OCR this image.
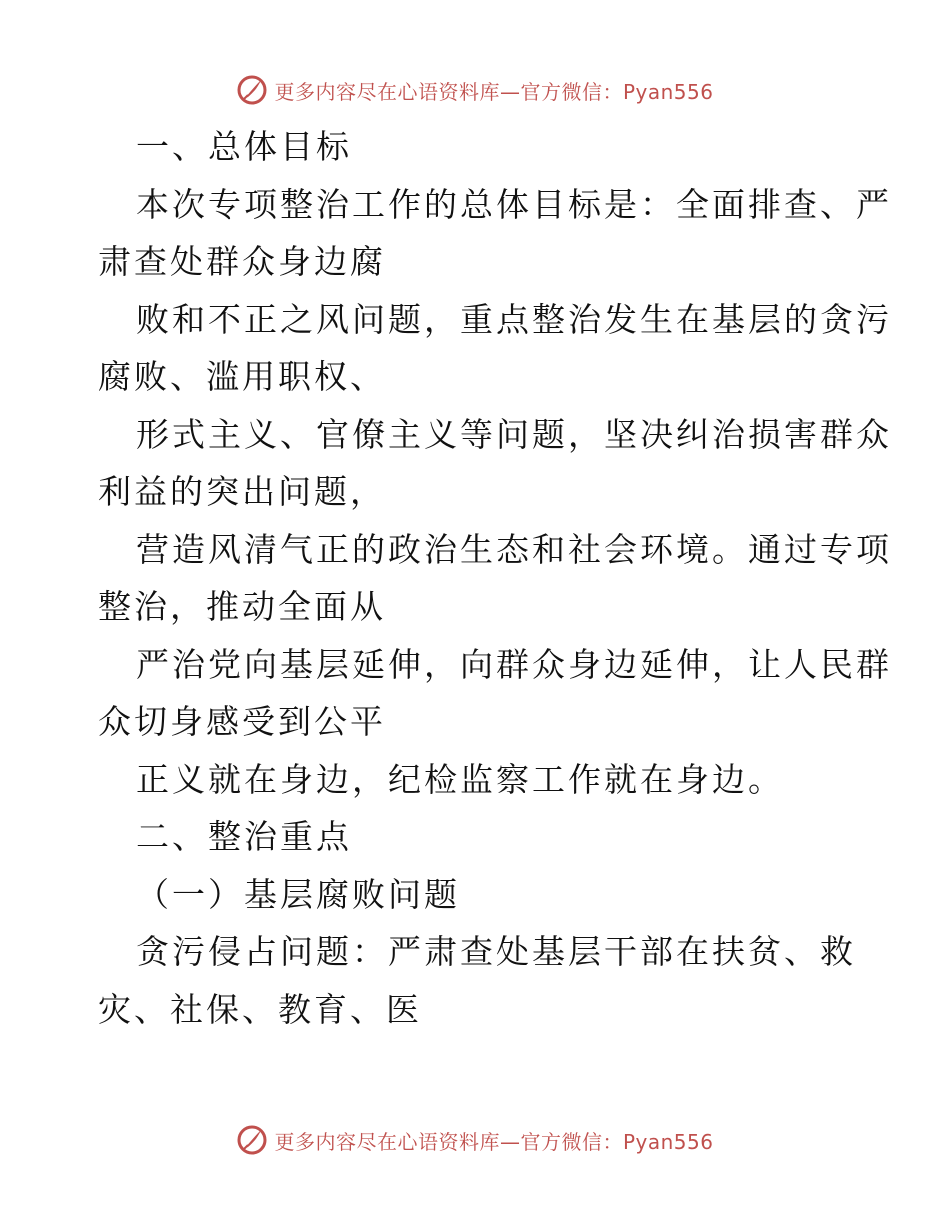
更多内容尽在心语资料库—官方微信：Pyan556
一、总体目标
本次专项整治工作的总体目标是：全面排查、严
肃查处群众身边腐
败和不正之风问题，重点整治发生在基层的贪污
腐败、滥用职权、
形式主义、官僚主义等问题，坚决纠治损害群众
利益的突出问题，
营造风清气正的政治生态和社会环境。通过专项
整治，推动全面从
严治党向基层延伸，向群众身边延伸，让人民群
众切身感受到公平
正义就在身边，纪检监察工作就在身边。
二、整治重点
（一）基层腐败问题
贪污侵占问题：严肃查处基层干部在扶贫、救
灾、社保、教育、医
更多内容尽在心语资料库—官方微信：Pyan556
